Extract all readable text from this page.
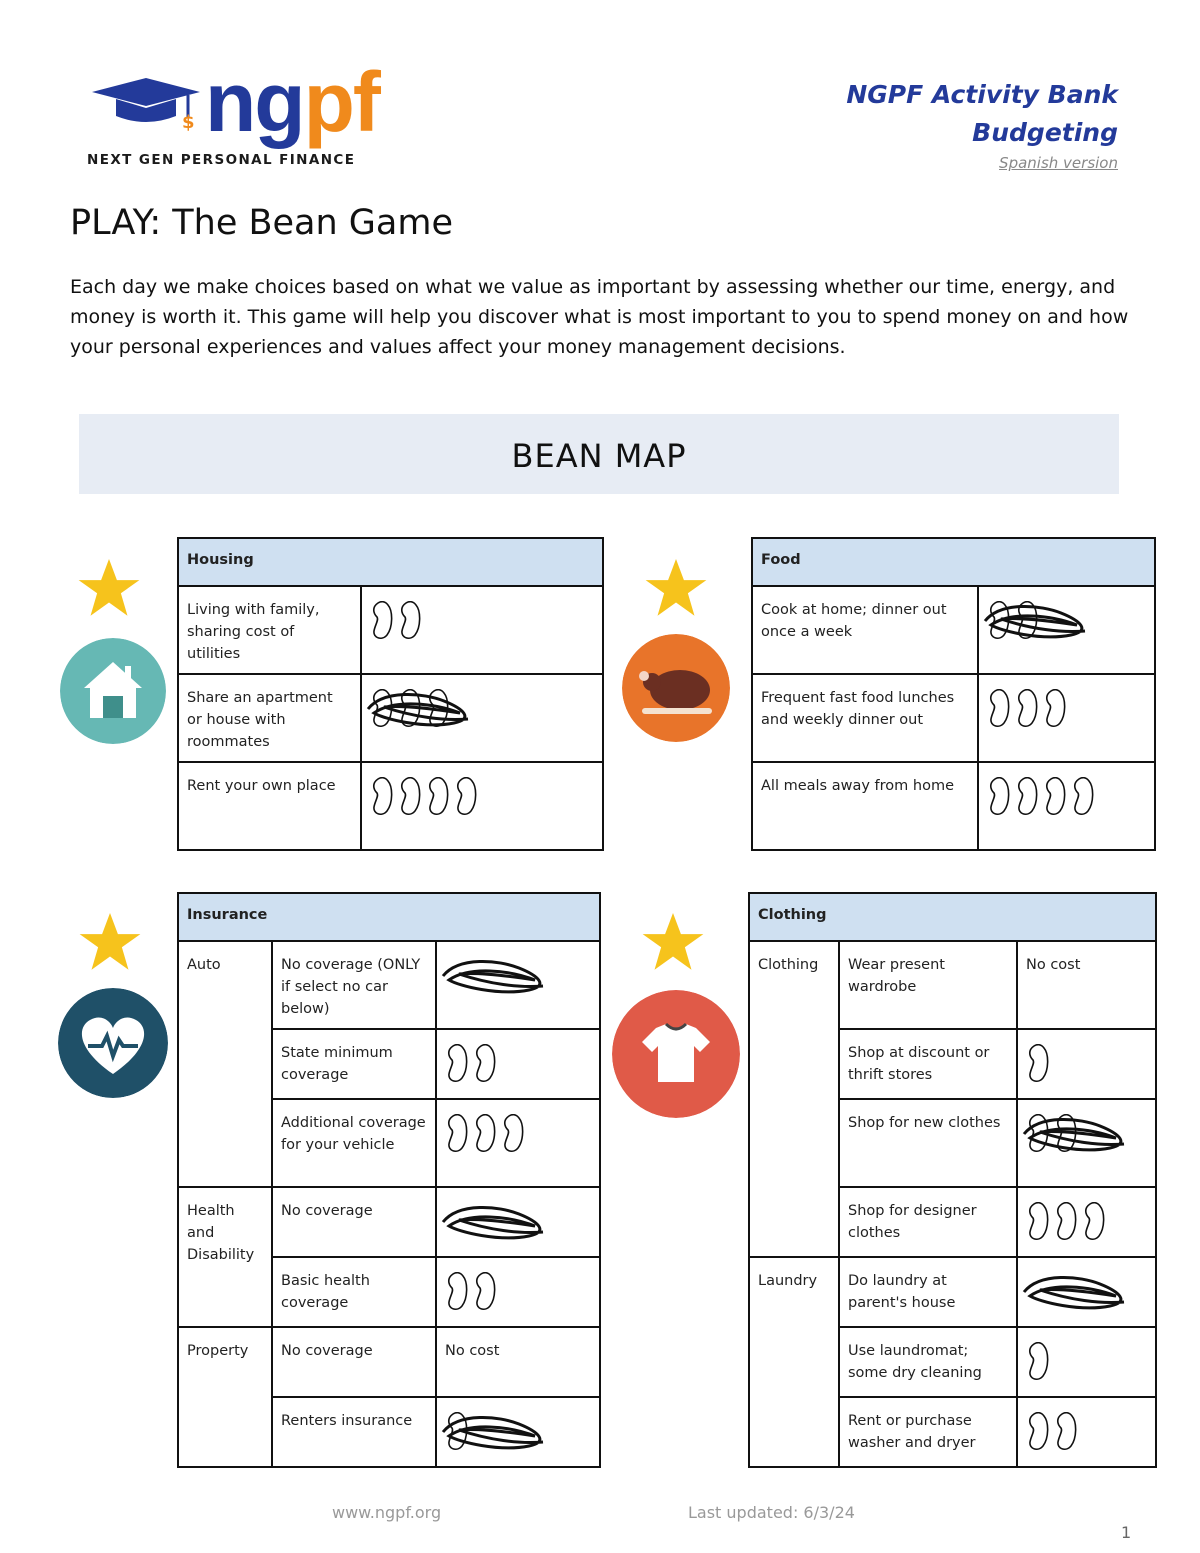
$ ngpf
NEXT GEN PERSONAL FINANCE
NGPF Activity Bank
Budgeting
Spanish version
PLAY: The Bean Game
Each day we make choices based on what we value as important by assessing whether our time, energy, and money is worth it. This game will help you discover what is most important to you to spend money on and how your personal experiences and values affect your money management decisions.
BEAN MAP
Housing	
Living with family, sharing cost of utilities	

Share an apartment or house with roommates	

Rent your own place	
Food	
Cook at home; dinner out once a week	

Frequent fast food lunches and weekly dinner out	

All meals away from home	
Insurance		
Auto	No coverage (ONLY if select no car below)	

	State minimum coverage	

	Additional coverage for your vehicle	

Health and Disability	No coverage	

	Basic health coverage	

Property	No coverage	No cost

	Renters insurance	
Clothing		
Clothing	Wear present wardrobe	No cost

	Shop at discount or thrift stores	

	Shop for new clothes	

	Shop for designer clothes	

Laundry	Do laundry at parent's house	

	Use laundromat; some dry cleaning	

	Rent or purchase washer and dryer	
www.ngpf.org	Last updated: 6/3/24
1
